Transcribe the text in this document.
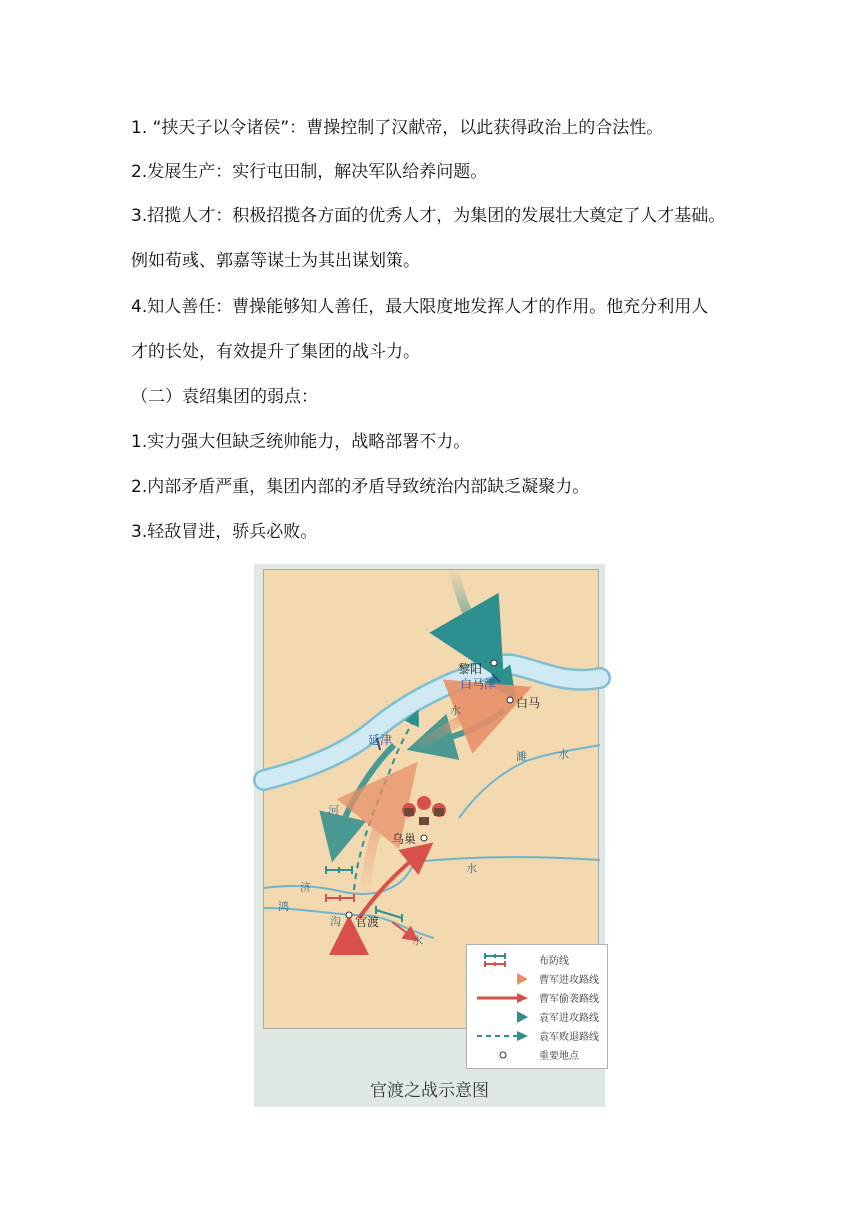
1. “挟天子以令诸侯”：曹操控制了汉献帝，以此获得政治上的合法性。
2.发展生产：实行屯田制，解决军队给养问题。
3.招揽人才：积极招揽各方面的优秀人才，为集团的发展壮大奠定了人才基础。
例如荀彧、郭嘉等谋士为其出谋划策。
4.知人善任：曹操能够知人善任，最大限度地发挥人才的作用。他充分利用人
才的长处，有效提升了集团的战斗力。
（二）袁绍集团的弱点：
1.实力强大但缺乏统帅能力，战略部署不力。
2.内部矛盾严重，集团内部的矛盾导致统治内部缺乏凝聚力。
3.轻敌冒进，骄兵必败。
黎阳
白马津
白马
延津
乌巢
官渡
水
河
濉	水
济
水
鸿
沟
水
布防线
曹军进攻路线
曹军偷袭路线
袁军进攻路线
袁军败退路线
重要地点
官渡之战示意图
